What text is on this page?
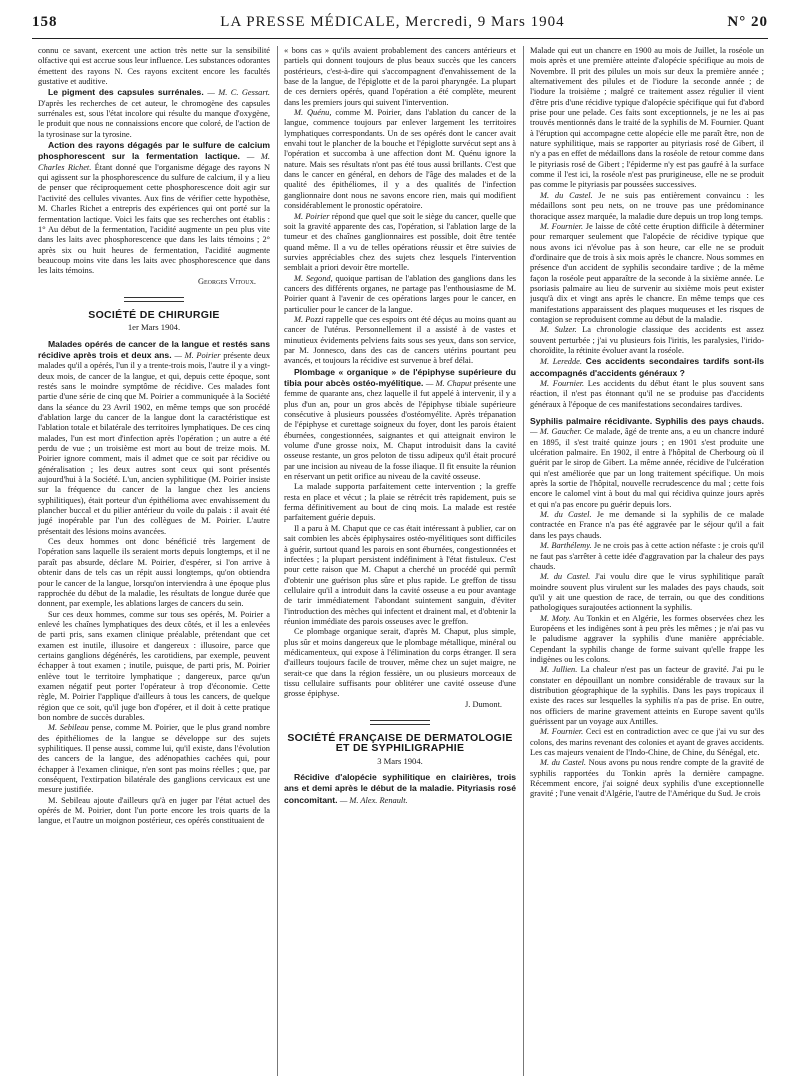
158	LA PRESSE MÉDICALE, Mercredi, 9 Mars 1904	N° 20

connu ce savant, exercent une action très nette sur la sensibilité olfactive qui est accrue sous leur influence. Les substances odorantes émettent des rayons N. Ces rayons excitent encore les facultés gustative et auditive.

Le pigment des capsules surrénales. — M. C. Gessart. D'après les recherches de cet auteur, le chromogène des capsules surrénales est, sous l'état incolore qui résulte du manque d'oxygène, le produit que nous ne connaissions encore que coloré, de l'action de la tyrosinase sur la tyrosine.

Action des rayons dégagés par le sulfure de calcium phosphorescent sur la fermentation lactique. — M. Charles Richet. Étant donné que l'organisme dégage des rayons N qui agissent sur la phosphorescence du sulfure de calcium, il y a lieu de penser que réciproquement cette phosphorescence doit agir sur l'activité des cellules vivantes. Aux fins de vérifier cette hypothèse, M. Charles Richet a entrepris des expériences qui ont porté sur la fermentation lactique. Voici les faits que ses recherches ont établis : 1° Au début de la fermentation, l'acidité augmente un peu plus vite dans les laits avec phosphorescence que dans les laits témoins ; 2° après six ou huit heures de fermentation, l'acidité augmente beaucoup moins vite dans les laits avec phosphorescence que dans les laits témoins.

Georges Vitoux.

SOCIÉTÉ DE CHIRURGIE
1er Mars 1904.

Malades opérés de cancer de la langue et restés sans récidive après trois et deux ans. — M. Poirier présente deux malades qu'il a opérés, l'un il y a trente-trois mois, l'autre il y a vingt-deux mois, de cancer de la langue, et qui, depuis cette époque, sont restés sans le moindre symptôme de récidive. Ces malades font partie d'une série de cinq que M. Poirier a communiquée à la Société dans la séance du 23 Avril 1902, en même temps que son procédé d'ablation large du cancer de la langue dont la caractéristique est l'ablation totale et bilatérale des territoires lymphatiques. De ces cinq malades, l'un est mort d'infection après l'opération ; un autre a été perdu de vue ; un troisième est mort au bout de treize mois. M. Poirier ignore comment, mais il admet que ce soit par récidive ou généralisation ; les deux autres sont ceux qui sont présentés aujourd'hui à la Société. L'un, ancien syphilitique (M. Poirier insiste sur la fréquence du cancer de la langue chez les anciens syphilitiques), était porteur d'un épithélioma avec envahissement du plancher buccal et du pilier antérieur du voile du palais : il avait été jugé inopérable par l'un des collègues de M. Poirier. L'autre présentait des lésions moins avancées.

Ces deux hommes ont donc bénéficié très largement de l'opération sans laquelle ils seraient morts depuis longtemps, et il ne paraît pas absurde, déclare M. Poirier, d'espérer, si l'on arrive à obtenir dans de tels cas un répit aussi longtemps, qu'on obtiendra pour le cancer de la langue, lorsqu'on interviendra à une époque plus rapprochée du début de la maladie, les résultats de longue durée que donnent, par exemple, les ablations larges de cancers du sein.

Sur ces deux hommes, comme sur tous ses opérés, M. Poirier a enlevé les chaînes lymphatiques des deux côtés, et il les a enlevées de parti pris, sans examen clinique préalable, prétendant que cet examen est inutile, illusoire et dangereux : illusoire, parce que certains ganglions dégénérés, les carotidiens, par exemple, peuvent échapper à tout examen ; inutile, puisque, de parti pris, M. Poirier enlève tout le territoire lymphatique ; dangereux, parce qu'un examen négatif peut porter l'opérateur à trop d'économie. Cette règle, M. Poirier l'applique d'ailleurs à tous les cancers, de quelque région que ce soit, qu'il juge bon d'opérer, et il doit à cette pratique bon nombre de succès durables.

M. Sebileau pense, comme M. Poirier, que le plus grand nombre des épithéliomes de la langue se développe sur des sujets syphilitiques. Il pense aussi, comme lui, qu'il existe, dans l'évolution des cancers de la langue, des adénopathies cachées qui, pour échapper à l'examen clinique, n'en sont pas moins réelles ; que, par conséquent, l'extirpation bilatérale des ganglions cervicaux est une mesure justifiée.

M. Sebileau ajoute d'ailleurs qu'à en juger par l'état actuel des opérés de M. Poirier, dont l'un porte encore les trois quarts de la langue, et l'autre un moignon postérieur, ces opérés constituaient de

« bons cas » qu'ils avaient probablement des cancers antérieurs et partiels qui donnent toujours de plus beaux succès que les cancers postérieurs, c'est-à-dire qui s'accompagnent d'envahissement de la base de la langue, de l'épiglotte et de la paroi pharyngée. La plupart de ces derniers opérés, quand l'opération a été complète, meurent dans les premiers jours qui suivent l'intervention.

M. Quénu, comme M. Poirier, dans l'ablation du cancer de la langue, commence toujours par enlever largement les territoires lymphatiques correspondants. Un de ses opérés dont le cancer avait envahi tout le plancher de la bouche et l'épiglotte survécut sept ans à l'opération et succomba à une affection dont M. Quénu ignore la nature. Mais ses résultats n'ont pas été tous aussi brillants. C'est que dans le cancer en général, en dehors de l'âge des malades et de la qualité des épithéliomes, il y a des qualités de l'infection ganglionnaire dont nous ne savons encore rien, mais qui modifient considérablement le pronostic opératoire.

M. Poirier répond que quel que soit le siège du cancer, quelle que soit la gravité apparente des cas, l'opération, si l'ablation large de la tumeur et des chaînes ganglionnaires est possible, doit être tentée quand même. Il a vu de telles opérations réussir et être suivies de survies appréciables chez des sujets chez lesquels l'intervention semblait a priori devoir être mortelle.

M. Segond, quoique partisan de l'ablation des ganglions dans les cancers des différents organes, ne partage pas l'enthousiasme de M. Poirier quant à l'avenir de ces opérations larges pour le cancer, en particulier pour le cancer de la langue.

M. Pozzi rappelle que ces espoirs ont été déçus au moins quant au cancer de l'utérus. Personnellement il a assisté à de vastes et minutieux évidements pelviens faits sous ses yeux, dans son service, par M. Jonnesco, dans des cas de cancers utérins pourtant peu avancés, et toujours la récidive est survenue à bref délai.

Plombage « organique » de l'épiphyse supérieure du tibia pour abcès ostéo-myélitique. — M. Chaput présente une femme de quarante ans, chez laquelle il fut appelé à intervenir, il y a plus d'un an, pour un gros abcès de l'épiphyse tibiale supérieure consécutive à plusieurs poussées d'ostéomyélite. Après trépanation de l'épiphyse et curettage soigneux du foyer, dont les parois étaient éburnées, congestionnées, saignantes et qui atteignait environ le volume d'une grosse noix, M. Chaput introduisit dans la cavité osseuse restante, un gros peloton de tissu adipeux qu'il était procuré par une incision au niveau de la fosse iliaque. Il fit ensuite la réunion en réservant un petit orifice au niveau de la cavité osseuse.

La malade supporta parfaitement cette intervention ; la greffe resta en place et vécut ; la plaie se rétrécit très rapidement, puis se ferma définitivement au bout de cinq mois. La malade est restée parfaitement guérie depuis.

Il a paru à M. Chaput que ce cas était intéressant à publier, car on sait combien les abcès épiphysaires ostéo-myélitiques sont difficiles à guérir, surtout quand les parois en sont éburnées, congestionnées et infectées ; la plupart persistent indéfiniment à l'état fistuleux. C'est pour cette raison que M. Chaput a cherché un procédé qui permît d'obtenir une guérison plus sûre et plus rapide. Le greffon de tissu cellulaire qu'il a introduit dans la cavité osseuse a eu pour avantage de tarir immédiatement l'abondant suintement sanguin, d'éviter l'introduction des mèches qui infectent et drainent mal, et d'obtenir la réunion immédiate des parois osseuses avec le greffon.

Ce plombage organique serait, d'après M. Chaput, plus simple, plus sûr et moins dangereux que le plombage métallique, minéral ou médicamenteux, qui expose à l'élimination du corps étranger. Il sera d'ailleurs toujours facile de trouver, même chez un sujet maigre, ne serait-ce que dans la région fessière, un ou plusieurs morceaux de tissu cellulaire suffisants pour oblitérer une cavité osseuse d'une grosse épiphyse.

J. Dumont.

SOCIÉTÉ FRANÇAISE DE DERMATOLOGIE
ET DE SYPHILIGRAPHIE
3 Mars 1904.

Récidive d'alopécie syphilitique en clairières, trois ans et demi après le début de la maladie. Pityriasis rosé concomitant. — M. Alex. Renault.

Malade qui eut un chancre en 1900 au mois de Juillet, la roséole un mois après et une première atteinte d'alopécie spécifique au mois de Novembre. Il prit des pilules un mois sur deux la première année ; alternativement des pilules et de l'iodure la seconde année ; de l'iodure la troisième ; malgré ce traitement assez régulier il vient d'être pris d'une récidive typique d'alopécie spécifique qui fut d'abord prise pour une pelade. Ces faits sont exceptionnels, je ne les ai pas trouvés mentionnés dans le traité de la syphilis de M. Fournier. Quant à l'éruption qui accompagne cette alopécie elle me paraît être, non de nature syphilitique, mais se rapporter au pityriasis rosé de Gibert, il n'y a pas en effet de médaillons dans la roséole de retour comme dans le pityriasis rosé de Gibert ; l'épiderme n'y est pas gaufré à la surface comme il l'est ici, la roséole n'est pas prurigineuse, elle ne se produit pas comme le pityriasis par poussées successives.

M. du Castel. Je ne suis pas entièrement convaincu : les médaillons sont peu nets, on ne trouve pas une prédominance thoracique assez marquée, la maladie dure depuis un trop long temps.

M. Fournier. Je laisse de côté cette éruption difficile à déterminer pour remarquer seulement que l'alopécie de récidive typique que nous avons ici n'évolue pas à son heure, car elle ne se produit d'ordinaire que de trois à six mois après le chancre. Nous sommes en présence d'un accident de syphilis secondaire tardive ; de la même façon la roséole peut apparaître de la seconde à la sixième année. Le psoriasis palmaire au lieu de survenir au sixième mois peut exister jusqu'à dix et vingt ans après le chancre. En même temps que ces manifestations apparaissent des plaques muqueuses et les risques de contagion se reproduisent comme au début de la maladie.

M. Sulzer. La chronologie classique des accidents est assez souvent perturbée ; j'ai vu plusieurs fois l'iritis, les paralysies, l'irido-choroïdite, la rétinite évoluer avant la roséole.

M. Leredde. Ces accidents secondaires tardifs sont-ils accompagnés d'accidents généraux ?

M. Fournier. Les accidents du début étant le plus souvent sans réaction, il n'est pas étonnant qu'il ne se produise pas d'accidents généraux à l'époque de ces manifestations secondaires tardives.

Syphilis palmaire récidivante. Syphilis des pays chauds. — M. Gaucher. Ce malade, âgé de trente ans, a eu un chancre induré en 1895, il s'est traité quinze jours ; en 1901 s'est produite une ulcération palmaire. En 1902, il entre à l'hôpital de Cherbourg où il guérit par le sirop de Gibert. La même année, récidive de l'ulcération qui n'est améliorée que par un long traitement spécifique. Un mois après la sortie de l'hôpital, nouvelle recrudescence du mal ; cette fois encore le calomel vint à bout du mal qui récidiva quinze jours après et qui n'a pas encore pu guérir depuis lors.

M. du Castel. Je me demande si la syphilis de ce malade contractée en France n'a pas été aggravée par le séjour qu'il a fait dans les pays chauds.

M. Barthélemy. Je ne crois pas à cette action néfaste : je crois qu'il ne faut pas s'arrêter à cette idée d'aggravation par la chaleur des pays chauds.

M. du Castel. J'ai voulu dire que le virus syphilitique paraît moindre souvent plus virulent sur les malades des pays chauds, soit qu'il y ait une question de race, de terrain, ou que des conditions pathologiques surajoutées actionnent la syphilis.

M. Moty. Au Tonkin et en Algérie, les formes observées chez les Européens et les indigènes sont à peu près les mêmes ; je n'ai pas vu le paludisme aggraver la syphilis d'une manière appréciable. Cependant la syphilis change de forme suivant qu'elle frappe les indigènes ou les colons.

M. Jullien. La chaleur n'est pas un facteur de gravité. J'ai pu le constater en dépouillant un nombre considérable de travaux sur la distribution géographique de la syphilis. Dans les pays tropicaux il existe des races sur lesquelles la syphilis n'a pas de prise. En outre, nos officiers de marine gravement atteints en Europe savent qu'ils guérissent par un voyage aux Antilles.

M. Fournier. Ceci est en contradiction avec ce que j'ai vu sur des colons, des marins revenant des colonies et ayant de graves accidents. Les cas majeurs venaient de l'Indo-Chine, de Chine, du Sénégal, etc.

M. du Castel. Nous avons pu nous rendre compte de la gravité de syphilis rapportées du Tonkin après la dernière campagne. Récemment encore, j'ai soigné deux syphilis d'une exceptionnelle gravité ; l'une venait d'Algérie, l'autre de l'Amérique du Sud. Je crois
